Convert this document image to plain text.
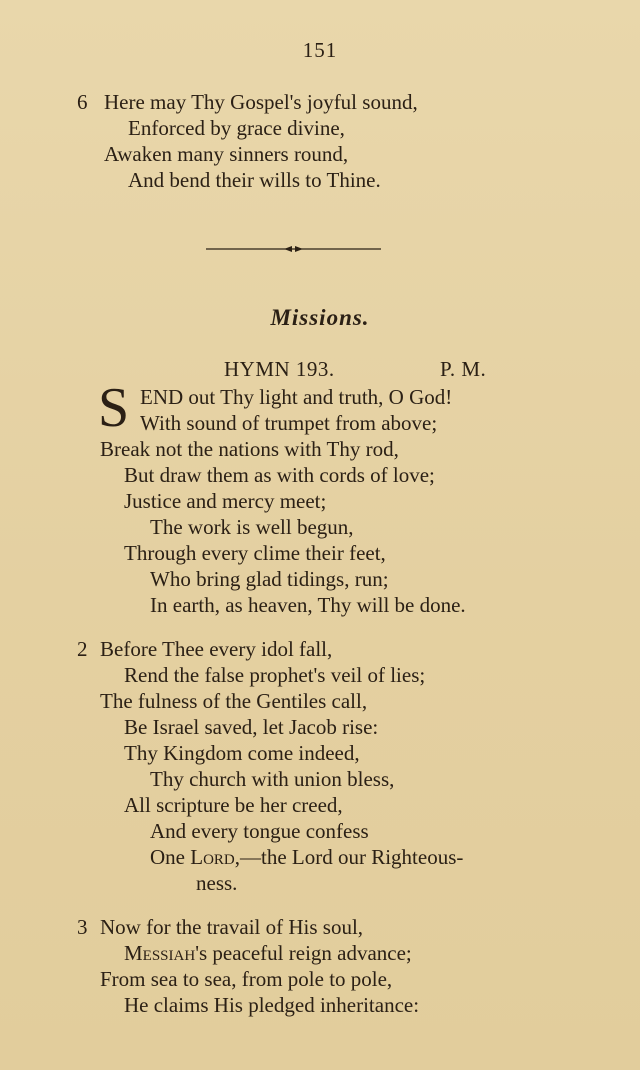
151
6 Here may Thy Gospel's joyful sound,
Enforced by grace divine,
Awaken many sinners round,
And bend their wills to Thine.
Missions.
HYMN 193.	P. M.
S END out Thy light and truth, O God!
With sound of trumpet from above;
Break not the nations with Thy rod,
But draw them as with cords of love;
Justice and mercy meet;
The work is well begun,
Through every clime their feet,
Who bring glad tidings, run;
In earth, as heaven, Thy will be done.
2 Before Thee every idol fall,
Rend the false prophet's veil of lies;
The fulness of the Gentiles call,
Be Israel saved, let Jacob rise:
Thy Kingdom come indeed,
Thy church with union bless,
All scripture be her creed,
And every tongue confess
One Lord,—the Lord our Righteous-
ness.
3 Now for the travail of His soul,
Messiah's peaceful reign advance;
From sea to sea, from pole to pole,
He claims His pledged inheritance:
